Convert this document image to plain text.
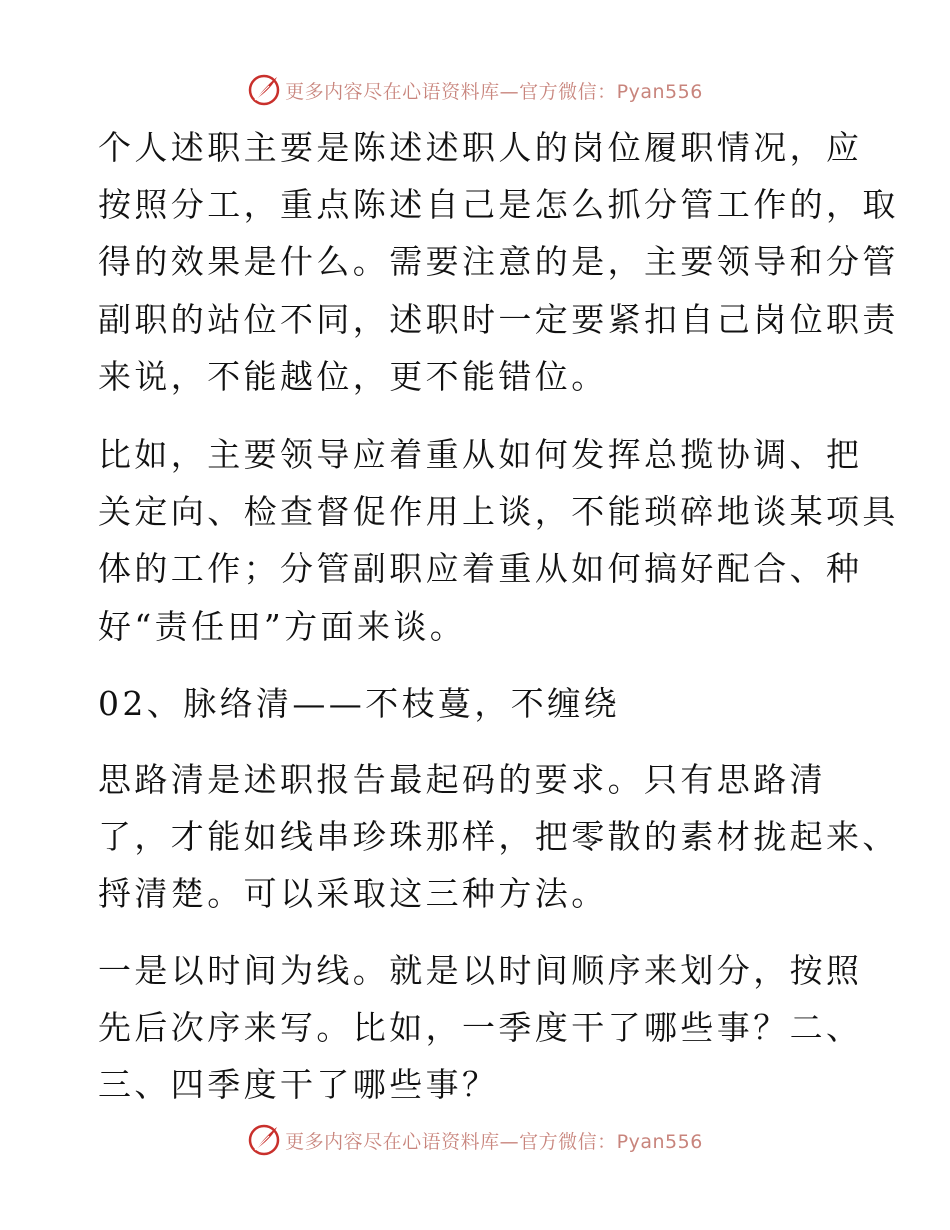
更多内容尽在心语资料库—官方微信：Pyan556
个人述职主要是陈述述职人的岗位履职情况，应
按照分工，重点陈述自己是怎么抓分管工作的，取
得的效果是什么。需要注意的是，主要领导和分管
副职的站位不同，述职时一定要紧扣自己岗位职责
来说，不能越位，更不能错位。
比如，主要领导应着重从如何发挥总揽协调、把
关定向、检查督促作用上谈，不能琐碎地谈某项具
体的工作；分管副职应着重从如何搞好配合、种
好“责任田”方面来谈。
02、脉络清——不枝蔓，不缠绕
思路清是述职报告最起码的要求。只有思路清
了，才能如线串珍珠那样，把零散的素材拢起来、
捋清楚。可以采取这三种方法。
一是以时间为线。就是以时间顺序来划分，按照
先后次序来写。比如，一季度干了哪些事？二、
三、四季度干了哪些事？
更多内容尽在心语资料库—官方微信：Pyan556
